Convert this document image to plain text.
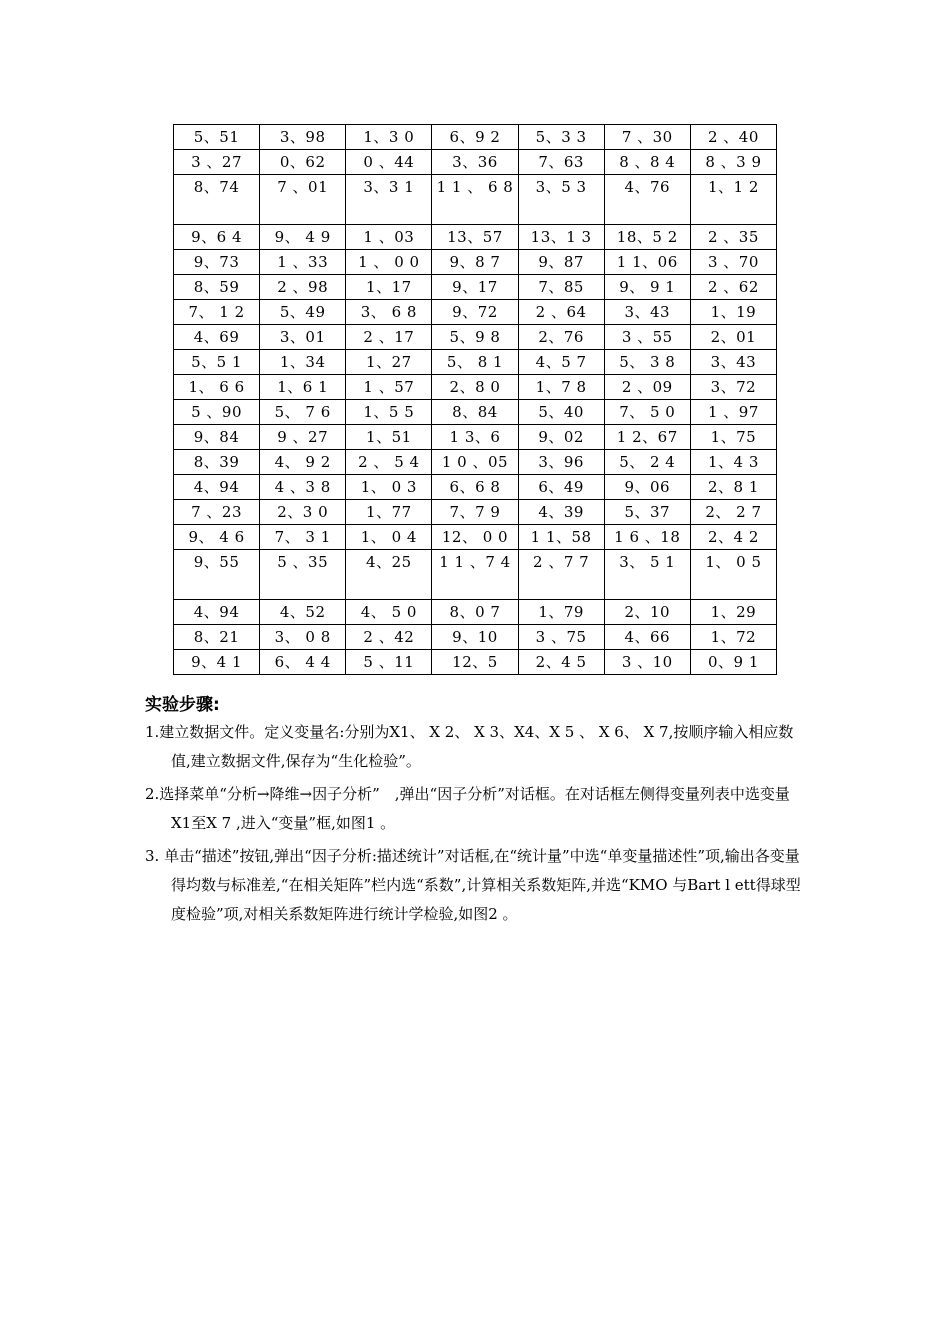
5、51	3、98	1、3 0	6、9 2	5、3 3	7 、30	2 、40
3 、27	0、62	0 、44	3、36	7、63	8 、8 4	8 、3 9
8、74	7 、01	3、3 1	1 1 、 6 8	3、5 3	4、76	1、1 2
9、6 4	9、 4 9	1 、03	13、57	13、1 3	18、5 2	2 、35
9、73	1 、33	1 、 0 0	9、8 7	9、87	1 1、06	3 、70
8、59	2 、98	1、17	9、17	7、85	9、 9 1	2 、62
7、 1 2	5、49	3、 6 8	9、72	2 、64	3、43	1、19
4、69	3、01	2 、17	5、9 8	2、76	3 、55	2、01
5、5 1	1、34	1、27	5、 8 1	4、5 7	5、 3 8	3、43
1、 6 6	1、6 1	1 、57	2、8 0	1、7 8	2 、09	3、72
5 、90	5、 7 6	1、5 5	8、84	5、40	7、 5 0	1 、97
9、84	9 、27	1、51	1 3、6	9、02	1 2、67	1、75
8、39	4、 9 2	2 、 5 4	1 0 、05	3、96	5、 2 4	1、4 3
4、94	4 、3 8	1、 0 3	6、6 8	6、49	9、06	2、8 1
7 、23	2、3 0	1、77	7、7 9	4、39	5、37	2、 2 7
9、 4 6	7、 3 1	1、 0 4	12、 0 0	1 1、58	1 6 、18	2、4 2
9、55	5 、35	4、25	1 1 、7 4	2 、7 7	3、 5 1	1、 0 5
4、94	4、52	4、 5 0	8、0 7	1、79	2、10	1、29
8、21	3、 0 8	2 、42	9、10	3 、75	4、66	1、72
9、4 1	6、 4 4	5 、11	12、5	2、4 5	3 、10	0、9 1
实验步骤:

1.建立数据文件。定义变量名:分别为X1、 X 2、 X 3、X4、X 5 、 X 6、 X 7,按顺序输入相应数值,建立数据文件,保存为“生化检验”。

2.选择菜单“分析→降维→因子分析”　,弹出“因子分析”对话框。在对话框左侧得变量列表中选变量X1至X 7 ,进入“变量”框,如图1 。

3. 单击“描述”按钮,弹出“因子分析:描述统计”对话框,在“统计量”中选“单变量描述性”项,输出各变量得均数与标准差,“在相关矩阵”栏内选“系数”,计算相关系数矩阵,并选“KMO 与Bart l ett得球型度检验”项,对相关系数矩阵进行统计学检验,如图2 。
